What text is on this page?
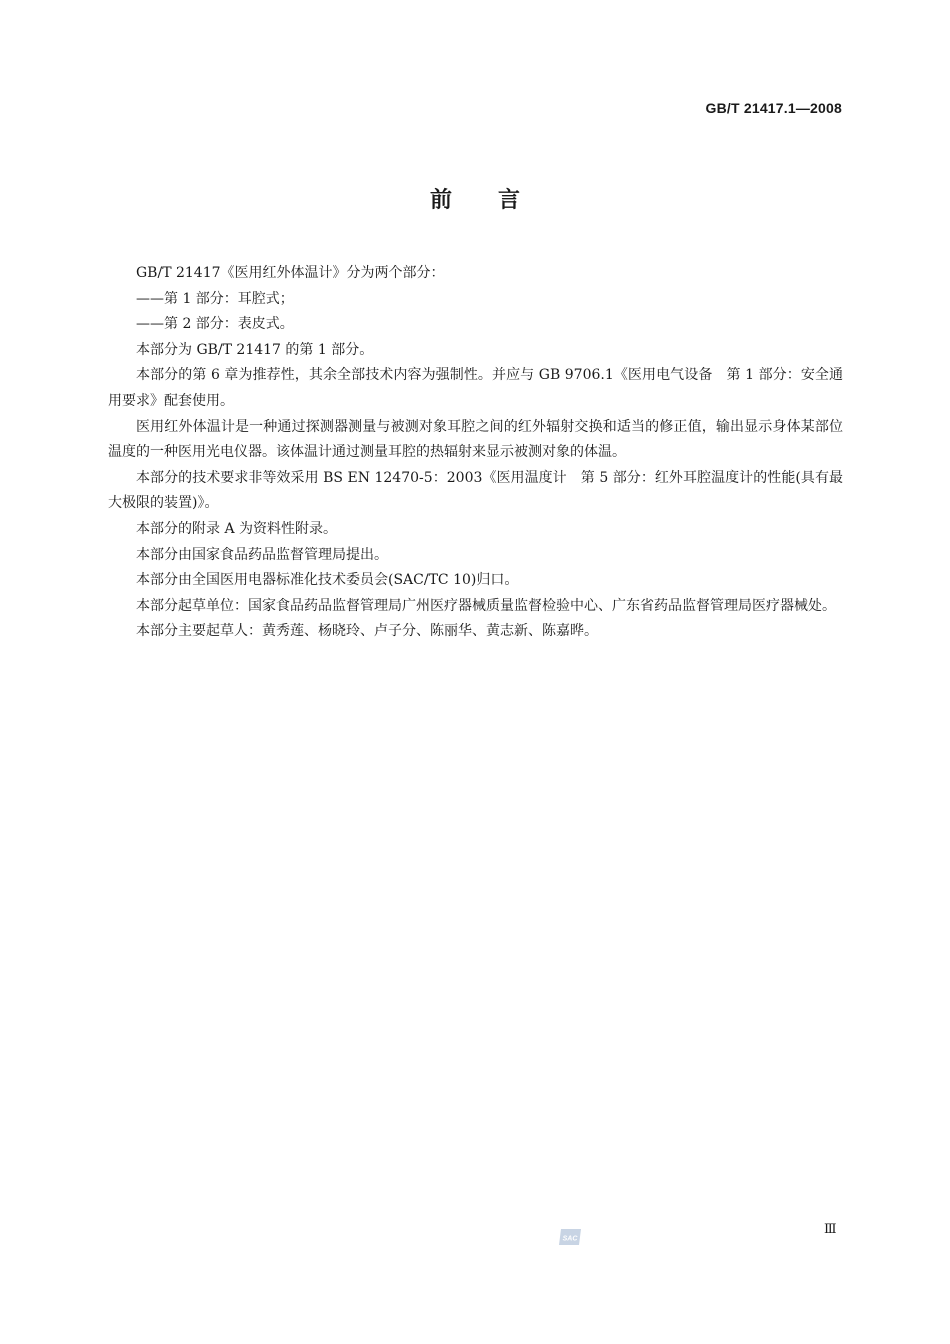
GB/T 21417.1—2008
前言

GB/T 21417《医用红外体温计》分为两个部分：

——第 1 部分：耳腔式；

——第 2 部分：表皮式。

本部分为 GB/T 21417 的第 1 部分。

本部分的第 6 章为推荐性，其余全部技术内容为强制性。并应与 GB 9706.1《医用电气设备　第 1 部分：安全通用要求》配套使用。

医用红外体温计是一种通过探测器测量与被测对象耳腔之间的红外辐射交换和适当的修正值，输出显示身体某部位温度的一种医用光电仪器。该体温计通过测量耳腔的热辐射来显示被测对象的体温。

本部分的技术要求非等效采用 BS EN 12470-5：2003《医用温度计　第 5 部分：红外耳腔温度计的性能(具有最大极限的装置)》。

本部分的附录 A 为资料性附录。

本部分由国家食品药品监督管理局提出。

本部分由全国医用电器标准化技术委员会(SAC/TC 10)归口。

本部分起草单位：国家食品药品监督管理局广州医疗器械质量监督检验中心、广东省药品监督管理局医疗器械处。

本部分主要起草人：黄秀莲、杨晓玲、卢子分、陈丽华、黄志新、陈嘉晔。

SAC
Ⅲ
